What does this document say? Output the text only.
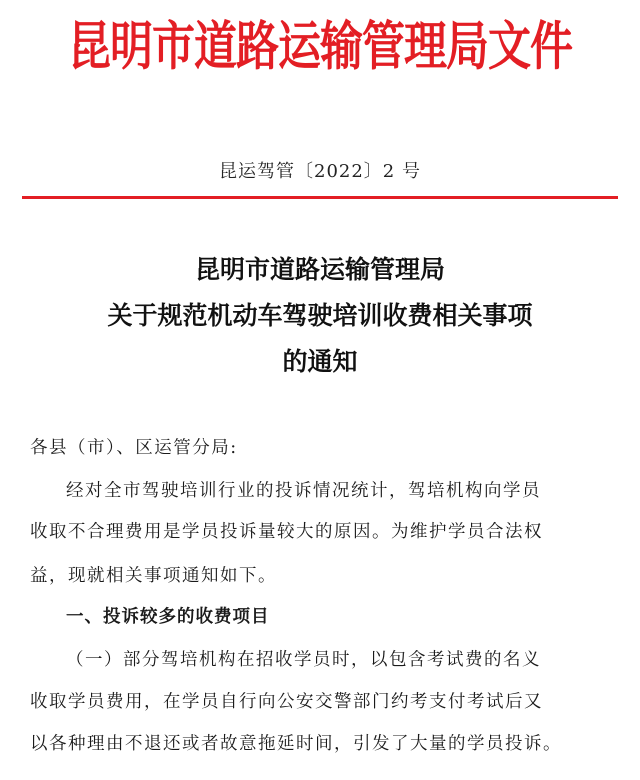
昆明市道路运输管理局文件
昆运驾管〔2022〕2 号
昆明市道路运输管理局
关于规范机动车驾驶培训收费相关事项
的通知
各县（市）、区运管分局:
经对全市驾驶培训行业的投诉情况统计，驾培机构向学员
收取不合理费用是学员投诉量较大的原因。为维护学员合法权
益，现就相关事项通知如下。
一、投诉较多的收费项目
（一）部分驾培机构在招收学员时，以包含考试费的名义
收取学员费用，在学员自行向公安交警部门约考支付考试后又
以各种理由不退还或者故意拖延时间，引发了大量的学员投诉。
